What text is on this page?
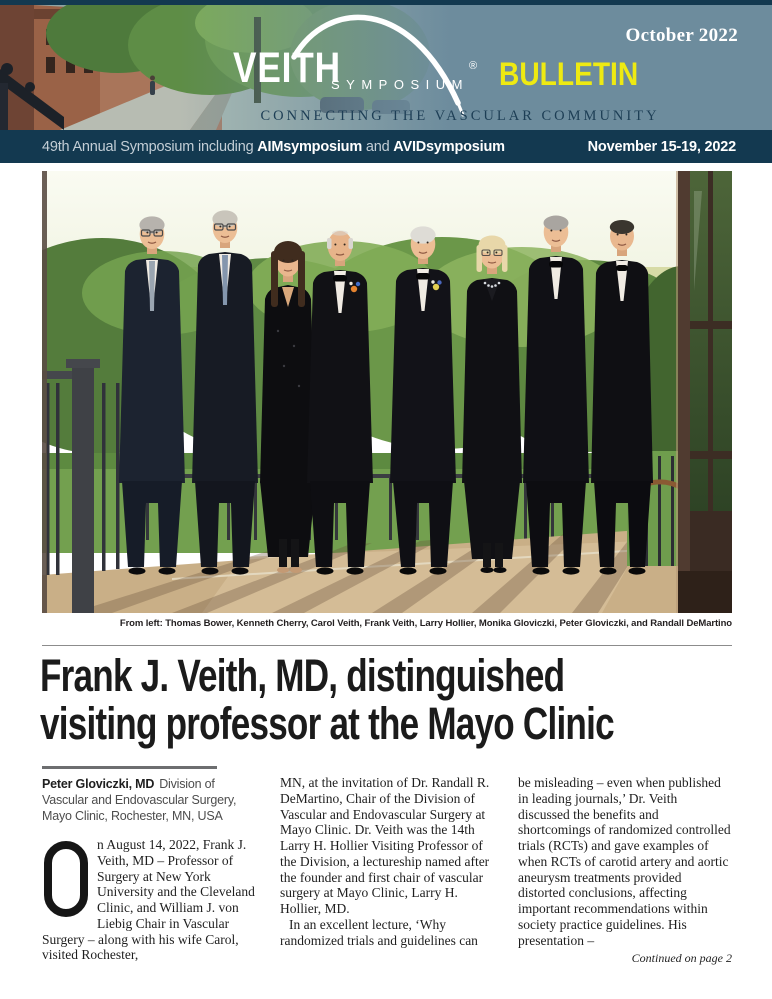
October 2022
VEITH
SYMPOSIUM
® BULLETIN
CONNECTING THE VASCULAR COMMUNITY
49th Annual Symposium including AIMsymposium and AVIDsymposium	November 15-19, 2022
From left: Thomas Bower, Kenneth Cherry, Carol Veith, Frank Veith, Larry Hollier, Monika Gloviczki, Peter Gloviczki, and Randall DeMartino
Frank J. Veith, MD, distinguished
visiting professor at the Mayo Clinic
Peter Gloviczki, MD Division of Vascular and Endovascular Surgery, Mayo Clinic, Rochester, MN, USA

n August 14, 2022, Frank J. Veith, MD – Professor of Surgery at New York University and the Cleveland Clinic, and William J. von Liebig Chair in Vascular Surgery – along with his wife Carol, visited Rochester,

MN, at the invitation of Dr. Randall R. DeMartino, Chair of the Division of Vascular and Endovascular Surgery at Mayo Clinic. Dr. Veith was the 14th Larry H. Hollier Visiting Professor of the Division, a lectureship named after the founder and first chair of vascular surgery at Mayo Clinic, Larry H. Hollier, MD.

In an excellent lecture, ‘Why randomized trials and guidelines can

be misleading – even when published in leading journals,’ Dr. Veith discussed the benefits and shortcomings of randomized controlled trials (RCTs) and gave examples of when RCTs of carotid artery and aortic aneurysm treatments provided distorted conclusions, affecting important recommendations within society practice guidelines. His presentation –

Continued on page 2
